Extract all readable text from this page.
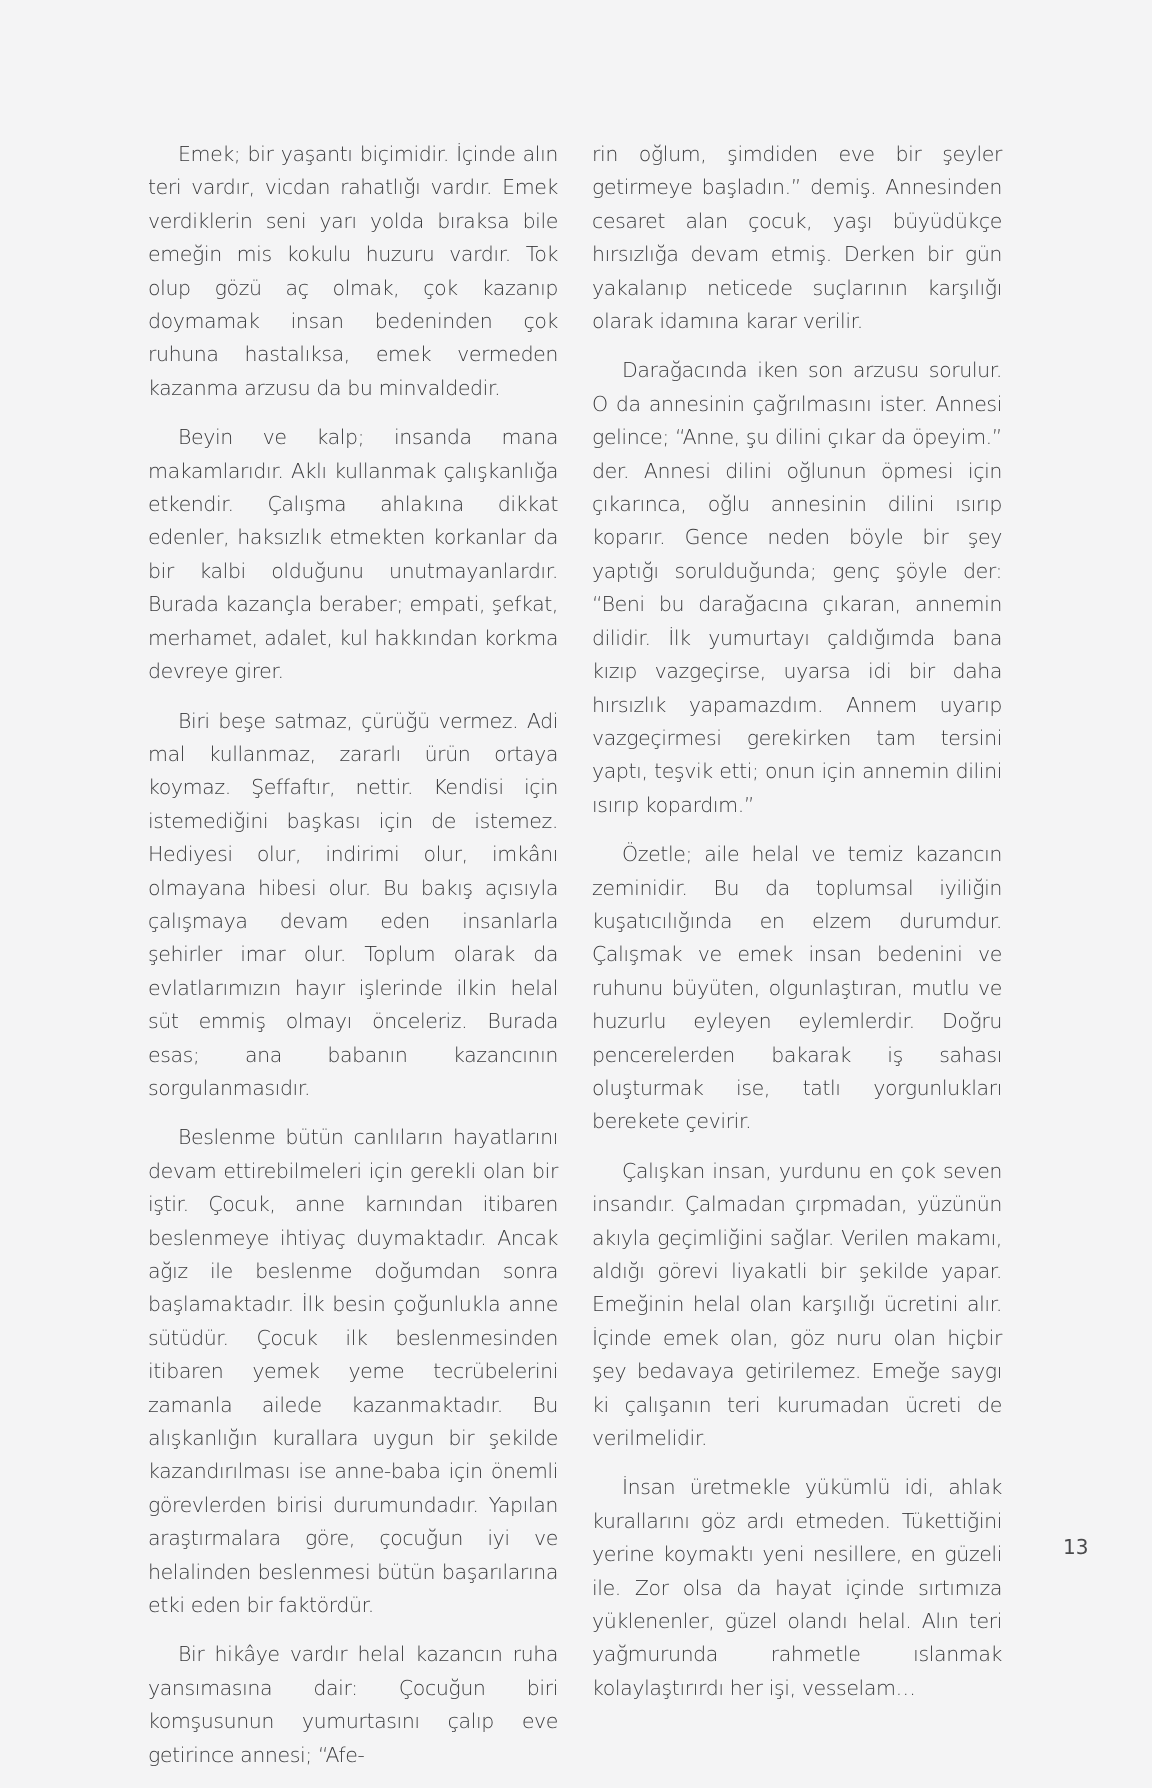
Emek; bir yaşantı biçimidir. İçinde alın teri vardır, vicdan rahatlığı vardır. Emek verdiklerin seni yarı yolda bıraksa bile emeğin mis kokulu huzuru vardır. Tok olup gözü aç olmak, çok kazanıp doymamak insan bedeninden çok ruhuna hastalıksa, emek vermeden kazanma arzusu da bu minvaldedir.

Beyin ve kalp; insanda mana makamlarıdır. Aklı kullanmak çalışkanlığa etkendir. Çalışma ahlakına dikkat edenler, haksızlık etmekten korkanlar da bir kalbi olduğunu unutmayanlardır. Burada kazançla beraber; empati, şefkat, merhamet, adalet, kul hakkından korkma devreye girer.

Biri beşe satmaz, çürüğü vermez. Adi mal kullanmaz, zararlı ürün ortaya koymaz. Şeffaftır, nettir. Kendisi için istemediğini başkası için de istemez. Hediyesi olur, indirimi olur, imkânı olmayana hibesi olur. Bu bakış açısıyla çalışmaya devam eden insanlarla şehirler imar olur. Toplum olarak da evlatlarımızın hayır işlerinde ilkin helal süt emmiş olmayı önceleriz. Burada esas; ana babanın kazancının sorgulanmasıdır.

Beslenme bütün canlıların hayatlarını devam ettirebilmeleri için gerekli olan bir iştir. Çocuk, anne karnından itibaren beslenmeye ihtiyaç duymaktadır. Ancak ağız ile beslenme doğumdan sonra başlamaktadır. İlk besin çoğunlukla anne sütüdür. Çocuk ilk beslenmesinden itibaren yemek yeme tecrübelerini zamanla ailede kazanmaktadır. Bu alışkanlığın kurallara uygun bir şekilde kazandırılması ise anne-baba için önemli görevlerden birisi durumundadır. Yapılan araştırmalara göre, çocuğun iyi ve helalinden beslenmesi bütün başarılarına etki eden bir faktördür.

Bir hikâye vardır helal kazancın ruha yansımasına dair: Çocuğun biri komşusunun yumurtasını çalıp eve getirince annesi; “Afe-

rin oğlum, şimdiden eve bir şeyler getirmeye başladın.” demiş. Annesinden cesaret alan çocuk, yaşı büyüdükçe hırsızlığa devam etmiş. Derken bir gün yakalanıp neticede suçlarının karşılığı olarak idamına karar verilir.

Darağacında iken son arzusu sorulur. O da annesinin çağrılmasını ister. Annesi gelince; “Anne, şu dilini çıkar da öpeyim.” der. Annesi dilini oğlunun öpmesi için çıkarınca, oğlu annesinin dilini ısırıp koparır. Gence neden böyle bir şey yaptığı sorulduğunda; genç şöyle der: “Beni bu darağacına çıkaran, annemin dilidir. İlk yumurtayı çaldığımda bana kızıp vazgeçirse, uyarsa idi bir daha hırsızlık yapamazdım. Annem uyarıp vazgeçirmesi gerekirken tam tersini yaptı, teşvik etti; onun için annemin dilini ısırıp kopardım.”

Özetle; aile helal ve temiz kazancın zeminidir. Bu da toplumsal iyiliğin kuşatıcılığında en elzem durumdur. Çalışmak ve emek insan bedenini ve ruhunu büyüten, olgunlaştıran, mutlu ve huzurlu eyleyen eylemlerdir. Doğru pencerelerden bakarak iş sahası oluşturmak ise, tatlı yorgunlukları berekete çevirir.

Çalışkan insan, yurdunu en çok seven insandır. Çalmadan çırpmadan, yüzünün akıyla geçimliğini sağlar. Verilen makamı, aldığı görevi liyakatli bir şekilde yapar. Emeğinin helal olan karşılığı ücretini alır. İçinde emek olan, göz nuru olan hiçbir şey bedavaya getirilemez. Emeğe saygı ki çalışanın teri kurumadan ücreti de verilmelidir.

İnsan üretmekle yükümlü idi, ahlak kurallarını göz ardı etmeden. Tükettiğini yerine koymaktı yeni nesillere, en güzeli ile. Zor olsa da hayat içinde sırtımıza yüklenenler, güzel olandı helal. Alın teri yağmurunda rahmetle ıslanmak kolaylaştırırdı her işi, vesselam…

13
